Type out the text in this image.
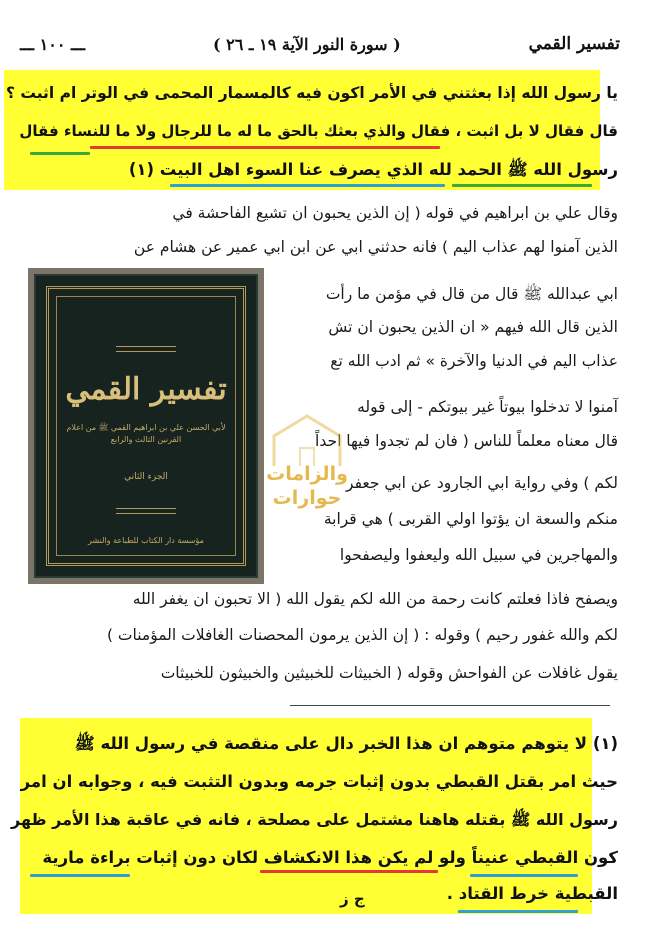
ـــ ١٠٠ ـــ	( سورة النور الآية ١٩ ـ ٢٦ )	تفسير القمي
يا رسول الله إذا بعثتني في الأمر اكون فيه كالمسمار المحمى في الوتر ام اثبت ؟
قال فقال لا بل اثبت ، فقال والذي بعثك بالحق ما له ما للرجال ولا ما للنساء فقال
رسول الله ﷺ الحمد لله الذي يصرف عنا السوء اهل البيت (١)
وقال علي بن ابراهيم في قوله ( إن الذين يحبون ان تشيع الفاحشة في
الذين آمنوا لهم عذاب اليم ) فانه حدثني ابي عن ابن ابي عمير عن هشام عن
ابي عبدالله ﷺ قال من قال في مؤمن ما رأت
الذين قال الله فيهم « ان الذين يحبون ان تش
عذاب اليم في الدنيا والآخرة » ثم ادب الله تع
آمنوا لا تدخلوا بيوتاً غير بيوتكم - إلى قوله
قال معناه معلماً للناس ( فان لم تجدوا فيها احداً
لكم ) وفي رواية ابي الجارود عن ابي جعفر
منكم والسعة ان يؤتوا اولي القربى ) هي قرابة
والمهاجرين في سبيل الله وليعفوا وليصفحوا
ويصفح فاذا فعلتم كانت رحمة من الله لكم يقول الله ( الا تحبون ان يغفر الله
لكم والله غفور رحيم ) وقوله : ( إن الذين يرمون المحصنات الغافلات المؤمنات )
يقول غافلات عن الفواحش وقوله ( الخبيثات للخبيثين والخبيثون للخبيثات
(١) لا يتوهم متوهم ان هذا الخبر دال على منقصة في رسول الله ﷺ
حيث امر بقتل القبطي بدون إثبات جرمه وبدون التثبت فيه ، وجوابه ان امر
رسول الله ﷺ بقتله هاهنا مشتمل على مصلحة ، فانه في عاقبة هذا الأمر ظهر
كون القبطي عنيناً ولو لم يكن هذا الانكشاف لكان دون إثبات براءة مارية
القبطية خرط القتاد .
ج ز
تفسير القمي
لأبي الحسن علي بن ابراهيم القمي ﷺ من اعلام القرنين الثالث والرابع
الجزء الثاني
مؤسسة دار الكتاب للطباعة والنشر
والزامات حوارات
